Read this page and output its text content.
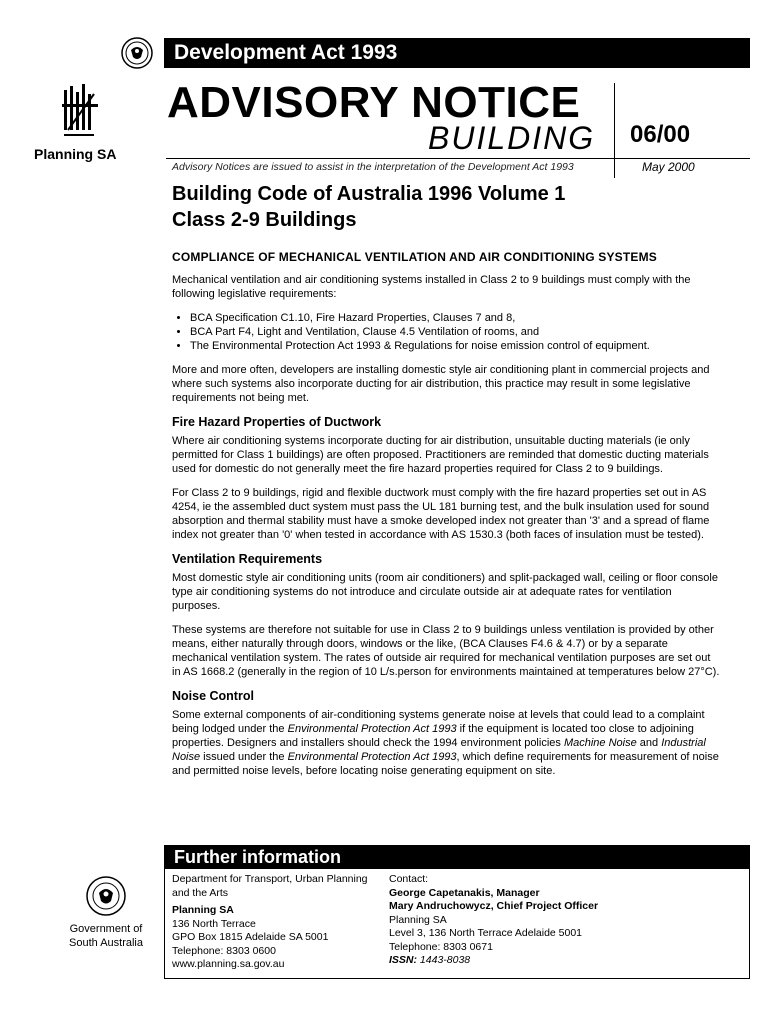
Development Act 1993
Planning SA
ADVISORY NOTICE
BUILDING 06/00
Advisory Notices are issued to assist in the interpretation of the Development Act 1993	May 2000
Building Code of Australia 1996 Volume 1
Class 2-9 Buildings
COMPLIANCE OF MECHANICAL VENTILATION AND AIR CONDITIONING SYSTEMS

Mechanical ventilation and air conditioning systems installed in Class 2 to 9 buildings must comply with the following legislative requirements:

• BCA Specification C1.10, Fire Hazard Properties, Clauses 7 and 8,
• BCA Part F4, Light and Ventilation, Clause 4.5 Ventilation of rooms, and
• The Environmental Protection Act 1993 & Regulations for noise emission control of equipment.

More and more often, developers are installing domestic style air conditioning plant in commercial projects and where such systems also incorporate ducting for air distribution, this practice may result in some legislative requirements not being met.

Fire Hazard Properties of Ductwork

Where air conditioning systems incorporate ducting for air distribution, unsuitable ducting materials (ie only permitted for Class 1 buildings) are often proposed. Practitioners are reminded that domestic ducting materials used for domestic do not generally meet the fire hazard properties required for Class 2 to 9 buildings.

For Class 2 to 9 buildings, rigid and flexible ductwork must comply with the fire hazard properties set out in AS 4254, ie the assembled duct system must pass the UL 181 burning test, and the bulk insulation used for sound absorption and thermal stability must have a smoke developed index not greater than '3' and a spread of flame index not greater than '0' when tested in accordance with AS 1530.3 (both faces of insulation must be tested).

Ventilation Requirements

Most domestic style air conditioning units (room air conditioners) and split-packaged wall, ceiling or floor console type air conditioning systems do not introduce and circulate outside air at adequate rates for ventilation purposes.

These systems are therefore not suitable for use in Class 2 to 9 buildings unless ventilation is provided by other means, either naturally through doors, windows or the like, (BCA Clauses F4.6 & 4.7) or by a separate mechanical ventilation system. The rates of outside air required for mechanical ventilation purposes are set out in AS 1668.2 (generally in the region of 10 L/s.person for environments maintained at temperatures below 27°C).

Noise Control

Some external components of air-conditioning systems generate noise at levels that could lead to a complaint being lodged under the Environmental Protection Act 1993 if the equipment is located too close to adjoining properties. Designers and installers should check the 1994 environment policies Machine Noise and Industrial Noise issued under the Environmental Protection Act 1993, which define requirements for measurement of noise and permitted noise levels, before locating noise generating equipment on site.

Government of South Australia
Further information
Department for Transport, Urban Planning and the Arts
Planning SA
136 North Terrace
GPO Box 1815 Adelaide SA 5001
Telephone: 8303 0600
www.planning.sa.gov.au
Contact:
George Capetanakis, Manager
Mary Andruchowycz, Chief Project Officer
Planning SA
Level 3, 136 North Terrace Adelaide 5001
Telephone: 8303 0671
ISSN: 1443-8038
